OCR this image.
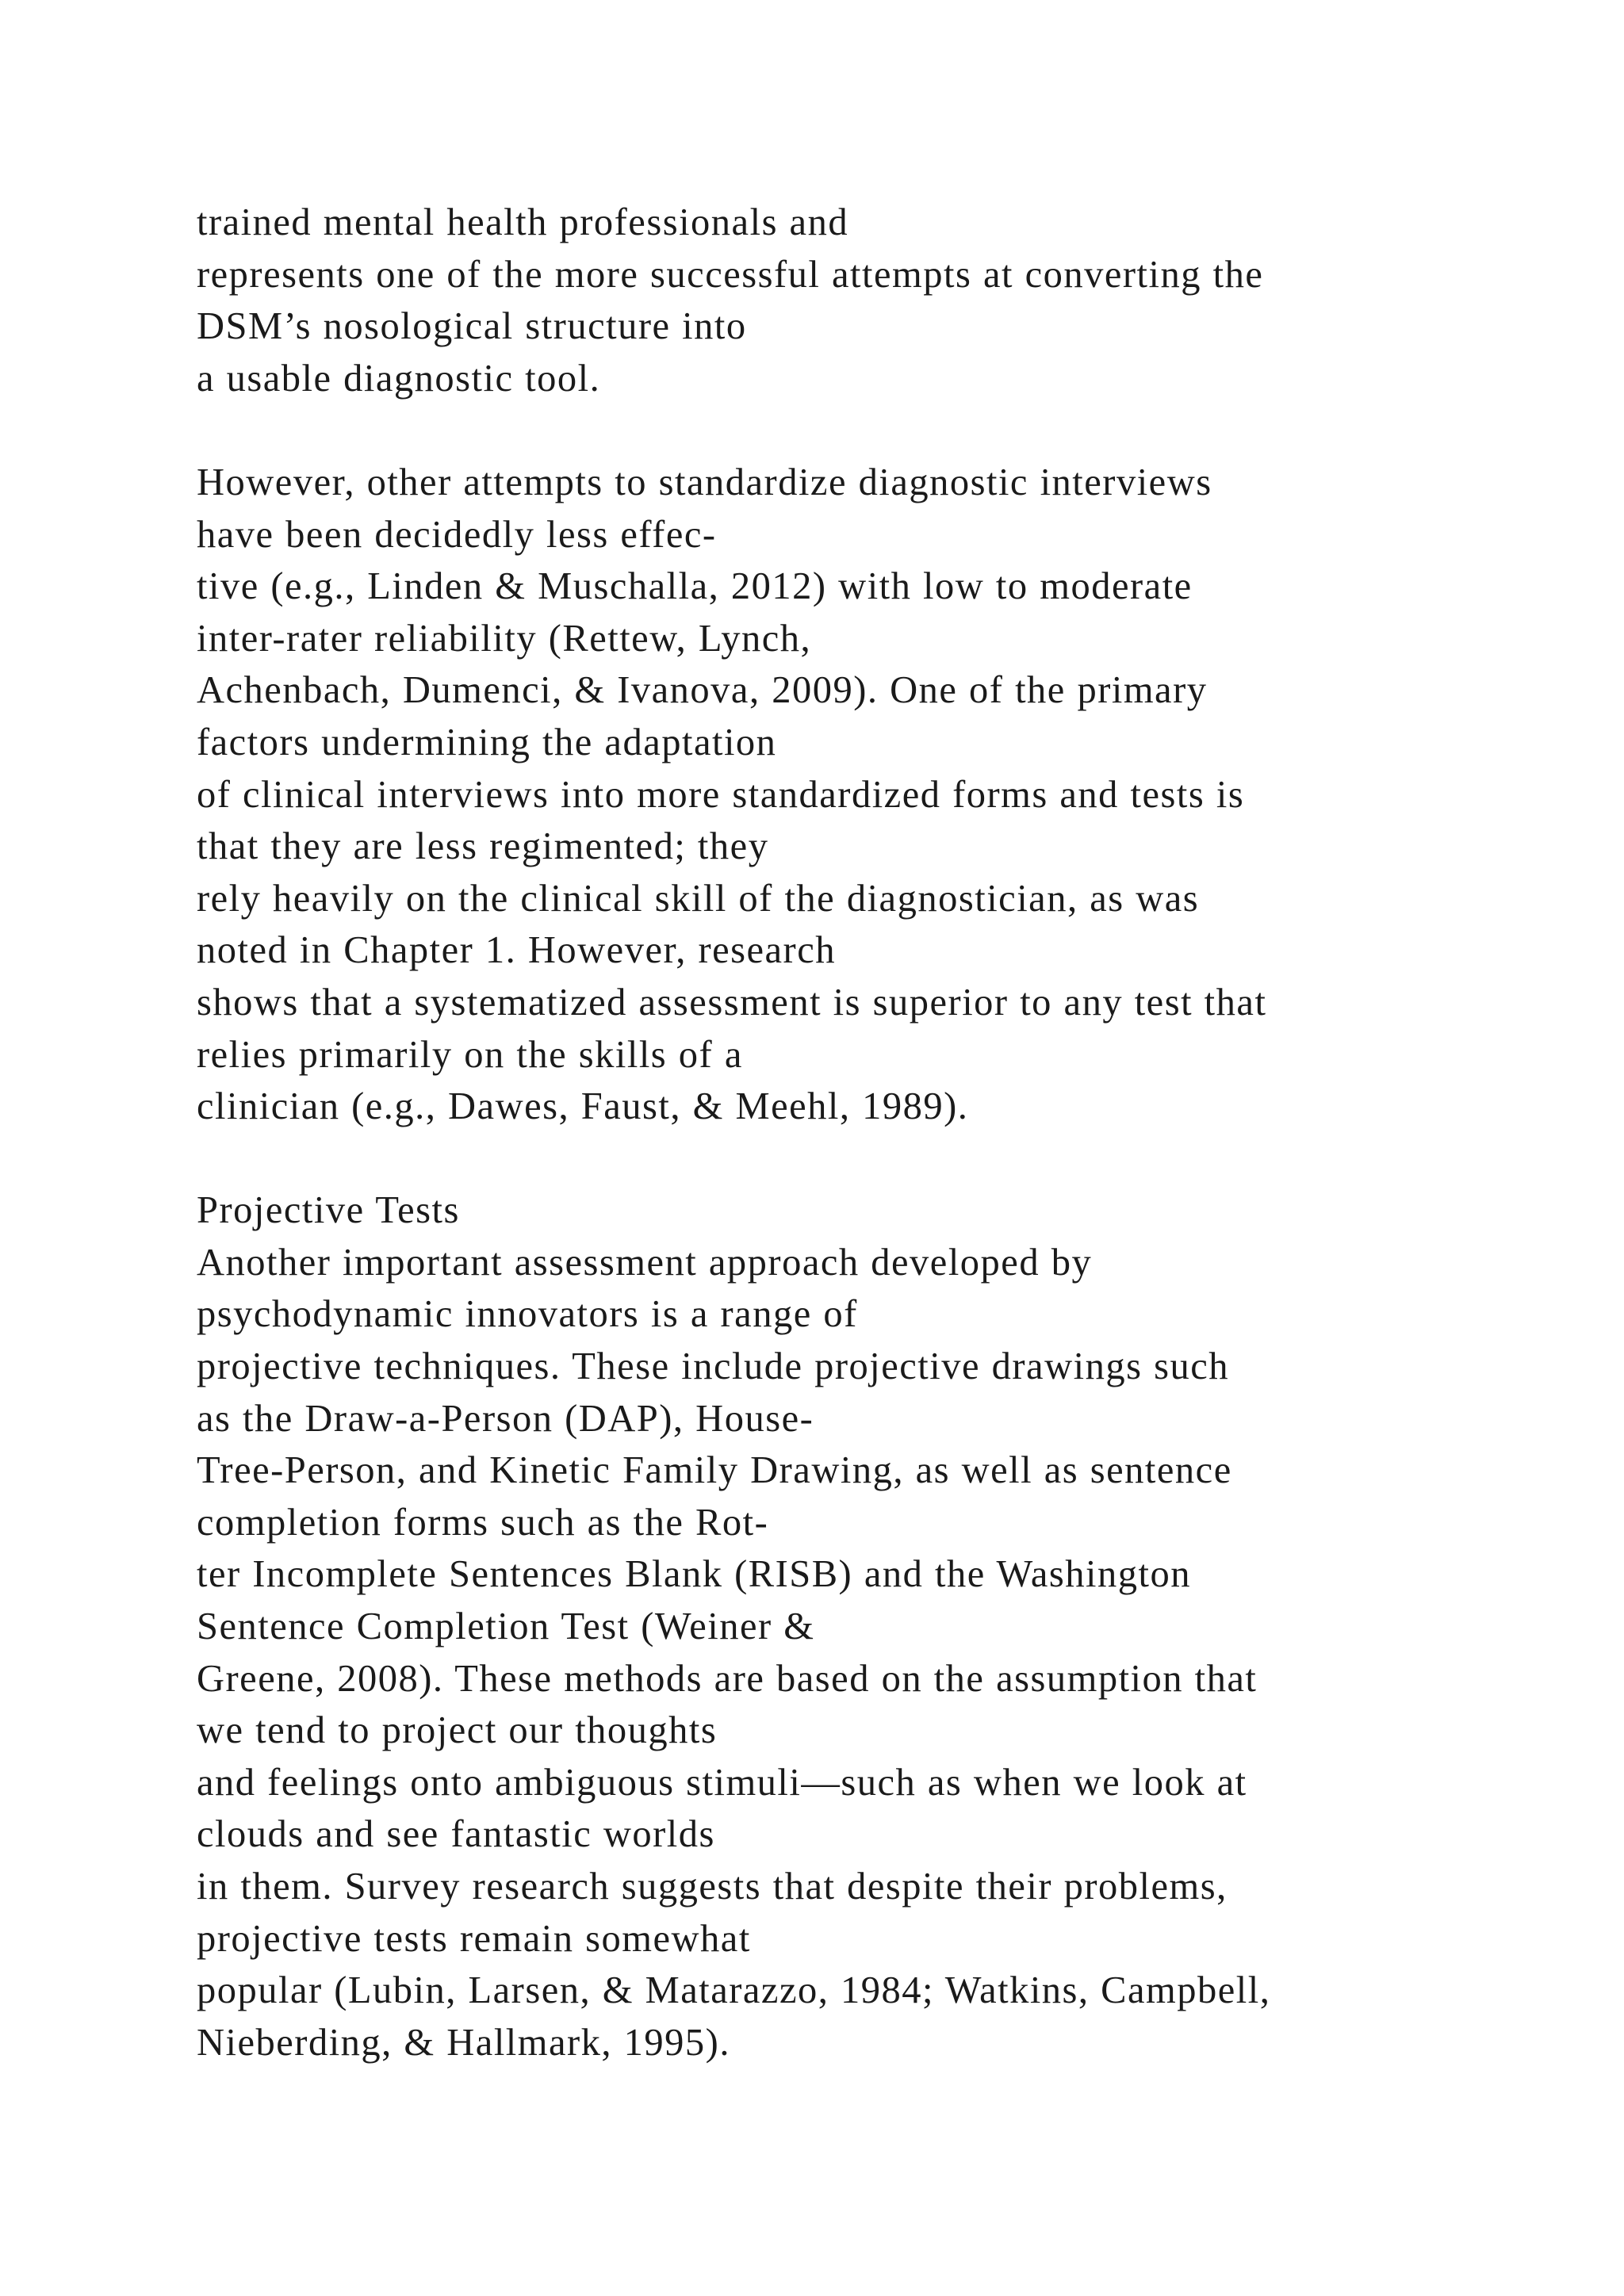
trained mental health professionals and
represents one of the more successful attempts at converting the
DSM’s nosological structure into
a usable diagnostic tool.
However, other attempts to standardize diagnostic interviews
have been decidedly less effec-
tive (e.g., Linden & Muschalla, 2012) with low to moderate
inter-rater reliability (Rettew, Lynch,
Achenbach, Dumenci, & Ivanova, 2009). One of the primary
factors undermining the adaptation
of clinical interviews into more standardized forms and tests is
that they are less regimented; they
rely heavily on the clinical skill of the diagnostician, as was
noted in Chapter 1. However, research
shows that a systematized assessment is superior to any test that
relies primarily on the skills of a
clinician (e.g., Dawes, Faust, & Meehl, 1989).
Projective Tests
Another important assessment approach developed by
psychodynamic innovators is a range of
projective techniques. These include projective drawings such
as the Draw-a-Person (DAP), House-
Tree-Person, and Kinetic Family Drawing, as well as sentence
completion forms such as the Rot-
ter Incomplete Sentences Blank (RISB) and the Washington
Sentence Completion Test (Weiner &
Greene, 2008). These methods are based on the assumption that
we tend to project our thoughts
and feelings onto ambiguous stimuli—such as when we look at
clouds and see fantastic worlds
in them. Survey research suggests that despite their problems,
projective tests remain somewhat
popular (Lubin, Larsen, & Matarazzo, 1984; Watkins, Campbell,
Nieberding, & Hallmark, 1995).
